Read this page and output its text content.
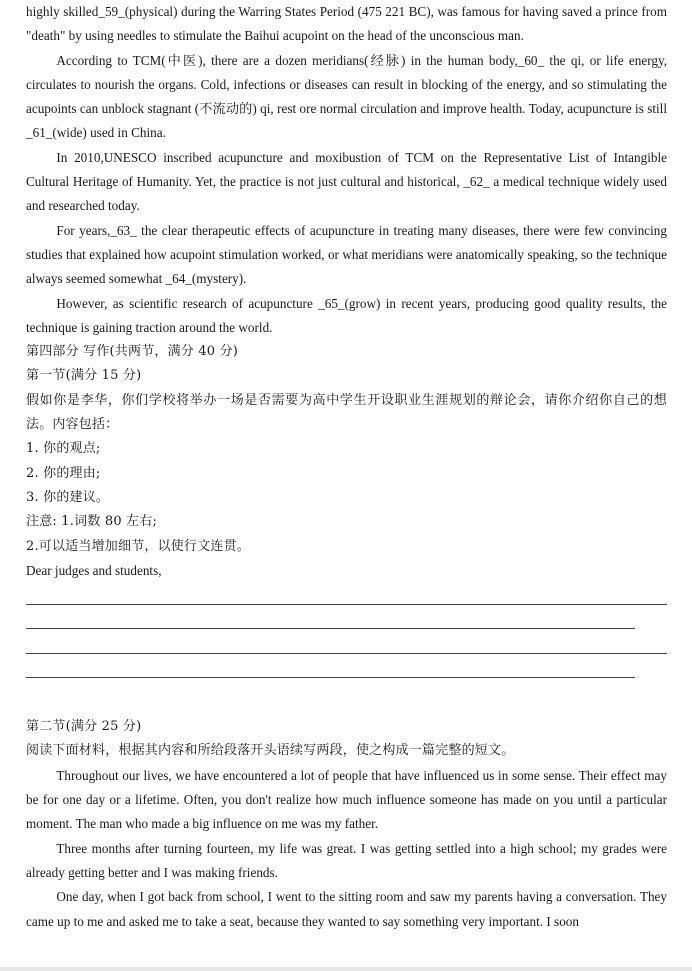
highly skilled_59_(physical) during the Warring States Period (475 221 BC), was famous for having saved a prince from "death" by using needles to stimulate the Baihui acupoint on the head of the unconscious man.

According to TCM(中医), there are a dozen meridians(经脉) in the human body,_60_ the qi, or life energy, circulates to nourish the organs. Cold, infections or diseases can result in blocking of the energy, and so stimulating the acupoints can unblock stagnant (不流动的) qi, rest ore normal circulation and improve health. Today, acupuncture is still _61_(wide) used in China.

In 2010,UNESCO inscribed acupuncture and moxibustion of TCM on the Representative List of Intangible Cultural Heritage of Humanity. Yet, the practice is not just cultural and historical, _62_ a medical technique widely used and researched today.

For years,_63_ the clear therapeutic effects of acupuncture in treating many diseases, there were few convincing studies that explained how acupoint stimulation worked, or what meridians were anatomically speaking, so the technique always seemed somewhat _64_(mystery).

However, as scientific research of acupuncture _65_(grow) in recent years, producing good quality results, the technique is gaining traction around the world.

第四部分 写作(共两节，满分 40 分)

第一节(满分 15 分)

假如你是李华，你们学校将举办一场是否需要为高中学生开设职业生涯规划的辩论会，请你介绍你自己的想法。内容包括：

1. 你的观点;

2. 你的理由;

3. 你的建议。

注意: 1.词数 80 左右;

2.可以适当增加细节，以使行文连贯。

Dear judges and students,

第二节(满分 25 分)

阅读下面材料，根据其内容和所给段落开头语续写两段，使之构成一篇完整的短文。

Throughout our lives, we have encountered a lot of people that have influenced us in some sense. Their effect may be for one day or a lifetime. Often, you don't realize how much influence someone has made on you until a particular moment. The man who made a big influence on me was my father.

Three months after turning fourteen, my life was great. I was getting settled into a high school; my grades were already getting better and I was making friends.

One day, when I got back from school, I went to the sitting room and saw my parents having a conversation. They came up to me and asked me to take a seat, because they wanted to say something very important. I soon
